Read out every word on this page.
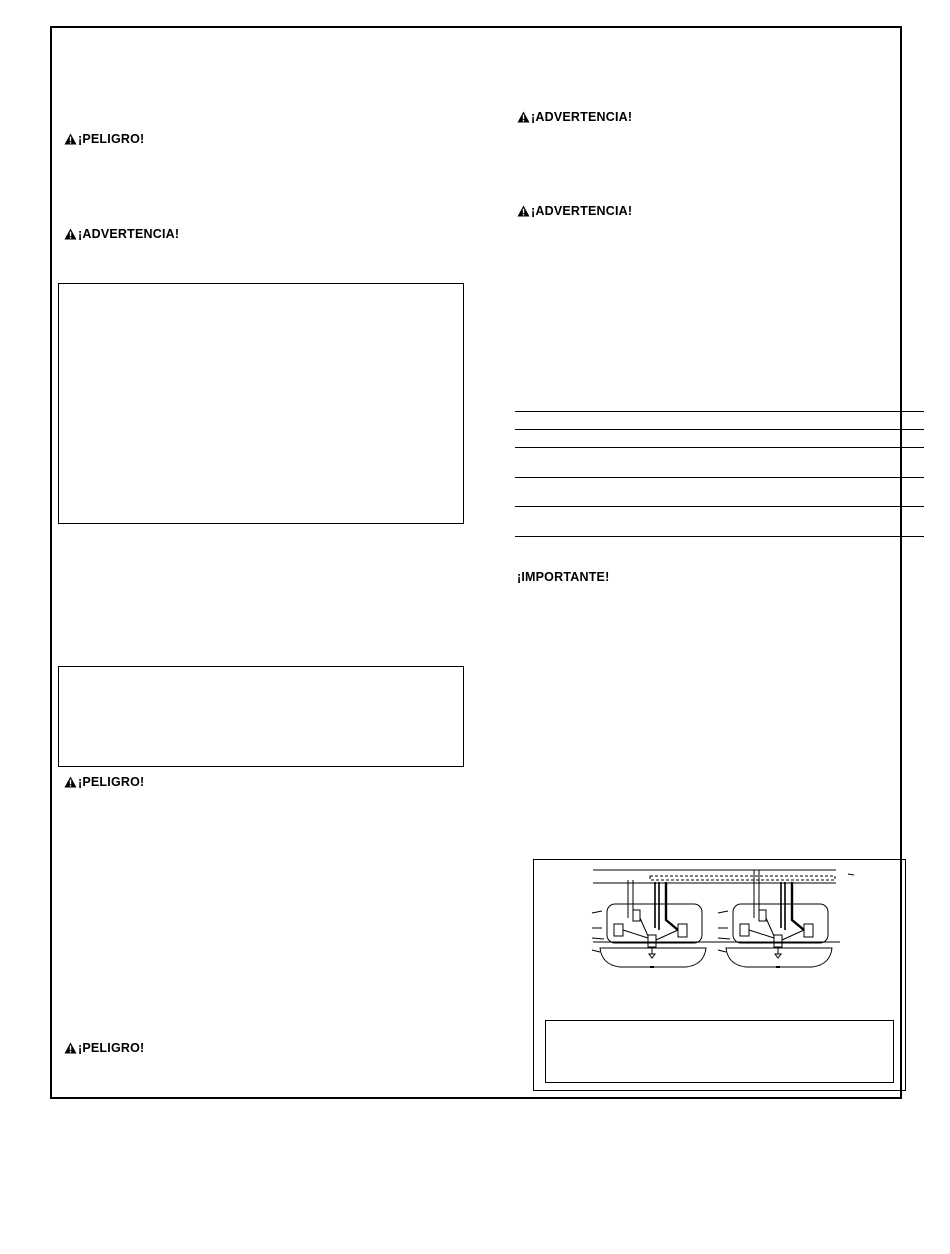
¡PELIGRO!
¡ADVERTENCIA!
¡PELIGRO!
¡PELIGRO!
¡ADVERTENCIA!
¡ADVERTENCIA!
¡IMPORTANTE!
